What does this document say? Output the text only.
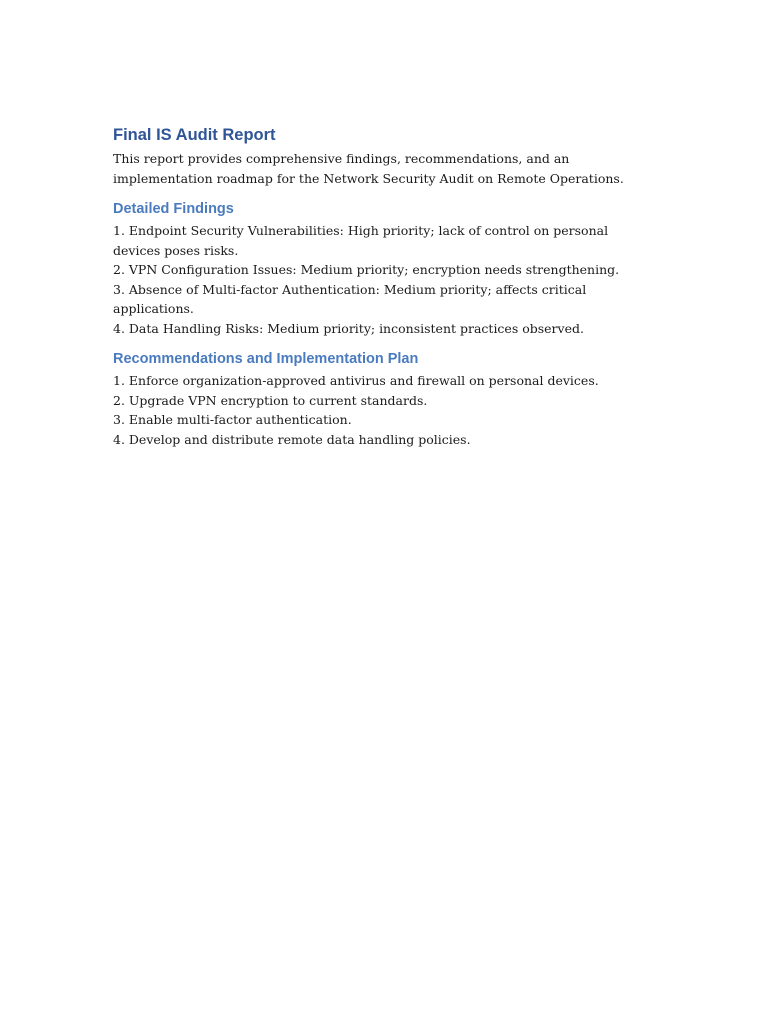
Final IS Audit Report

This report provides comprehensive findings, recommendations, and an implementation roadmap for the Network Security Audit on Remote Operations.

Detailed Findings
1. Endpoint Security Vulnerabilities: High priority; lack of control on personal devices poses risks.
2. VPN Configuration Issues: Medium priority; encryption needs strengthening.
3. Absence of Multi-factor Authentication: Medium priority; affects critical applications.
4. Data Handling Risks: Medium priority; inconsistent practices observed.
Recommendations and Implementation Plan
1. Enforce organization-approved antivirus and firewall on personal devices.
2. Upgrade VPN encryption to current standards.
3. Enable multi-factor authentication.
4. Develop and distribute remote data handling policies.
